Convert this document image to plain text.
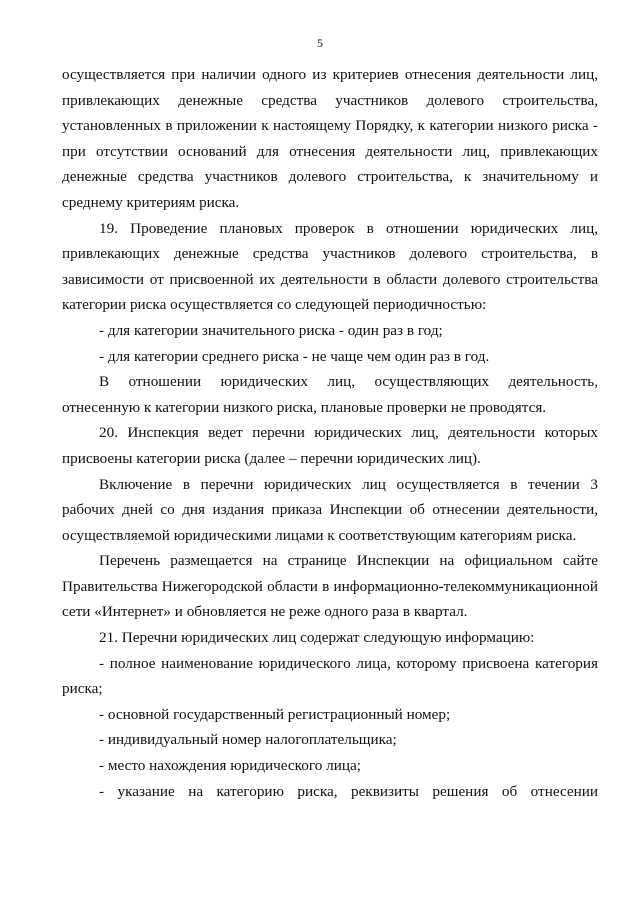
5

осуществляется при наличии одного из критериев отнесения деятельности лиц, привлекающих денежные средства участников долевого строительства, установленных в приложении к настоящему Порядку, к категории низкого риска - при отсутствии оснований для отнесения деятельности лиц, привлекающих денежные средства участников долевого строительства, к значительному и среднему критериям риска.

19. Проведение плановых проверок в отношении юридических лиц, привлекающих денежные средства участников долевого строительства, в зависимости от присвоенной их деятельности в области долевого строительства категории риска осуществляется со следующей периодичностью:

- для категории значительного риска - один раз в год;

- для категории среднего риска - не чаще чем один раз в год.

В отношении юридических лиц, осуществляющих деятельность, отнесенную к категории низкого риска, плановые проверки не проводятся.

20. Инспекция ведет перечни юридических лиц, деятельности которых присвоены категории риска (далее – перечни юридических лиц).

Включение в перечни юридических лиц осуществляется в течении 3 рабочих дней со дня издания приказа Инспекции об отнесении деятельности, осуществляемой юридическими лицами к соответствующим категориям риска.

Перечень размещается на странице Инспекции на официальном сайте Правительства Нижегородской области в информационно-телекоммуникационной сети «Интернет» и обновляется не реже одного раза в квартал.

21. Перечни юридических лиц содержат следующую информацию:

- полное наименование юридического лица, которому присвоена категория риска;

- основной государственный регистрационный номер;

- индивидуальный номер налогоплательщика;

- место нахождения юридического лица;

- указание на категорию риска, реквизиты решения об отнесении
